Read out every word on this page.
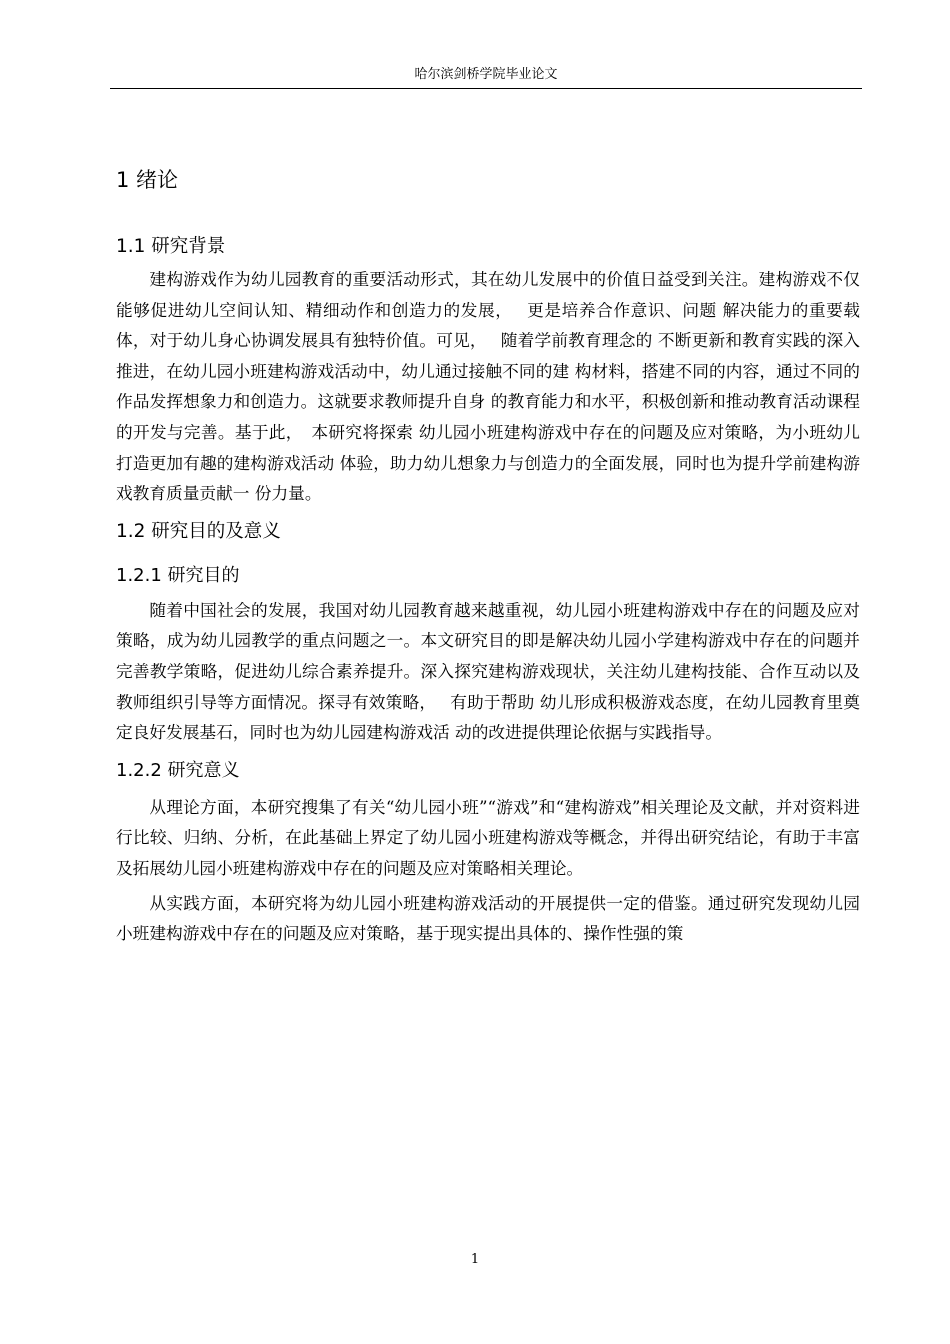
哈尔滨剑桥学院毕业论文
1 绪论
1.1 研究背景

建构游戏作为幼儿园教育的重要活动形式，其在幼儿发展中的价值日益受到关注。建构游戏不仅能够促进幼儿空间认知、精细动作和创造力的发展，　 更是培养合作意识、问题 解决能力的重要载体，对于幼儿身心协调发展具有独特价值。可见，　 随着学前教育理念的 不断更新和教育实践的深入推进，在幼儿园小班建构游戏活动中，幼儿通过接触不同的建 构材料，搭建不同的内容，通过不同的作品发挥想象力和创造力。这就要求教师提升自身 的教育能力和水平，积极创新和推动教育活动课程的开发与完善。基于此，　本研究将探索 幼儿园小班建构游戏中存在的问题及应对策略，为小班幼儿打造更加有趣的建构游戏活动 体验，助力幼儿想象力与创造力的全面发展，同时也为提升学前建构游戏教育质量贡献一 份力量。

1.2 研究目的及意义
1.2.1 研究目的

随着中国社会的发展，我国对幼儿园教育越来越重视，幼儿园小班建构游戏中存在的问题及应对策略，成为幼儿园教学的重点问题之一。本文研究目的即是解决幼儿园小学建构游戏中存在的问题并完善教学策略，促进幼儿综合素养提升。深入探究建构游戏现状，关注幼儿建构技能、合作互动以及教师组织引导等方面情况。探寻有效策略，　 有助于帮助 幼儿形成积极游戏态度，在幼儿园教育里奠定良好发展基石，同时也为幼儿园建构游戏活 动的改进提供理论依据与实践指导。

1.2.2 研究意义

从理论方面，本研究搜集了有关“幼儿园小班”“游戏”和“建构游戏”相关理论及文献，并对资料进行比较、归纳、分析，在此基础上界定了幼儿园小班建构游戏等概念，并得出研究结论，有助于丰富及拓展幼儿园小班建构游戏中存在的问题及应对策略相关理论。

从实践方面，本研究将为幼儿园小班建构游戏活动的开展提供一定的借鉴。通过研究发现幼儿园小班建构游戏中存在的问题及应对策略，基于现实提出具体的、操作性强的策

1
